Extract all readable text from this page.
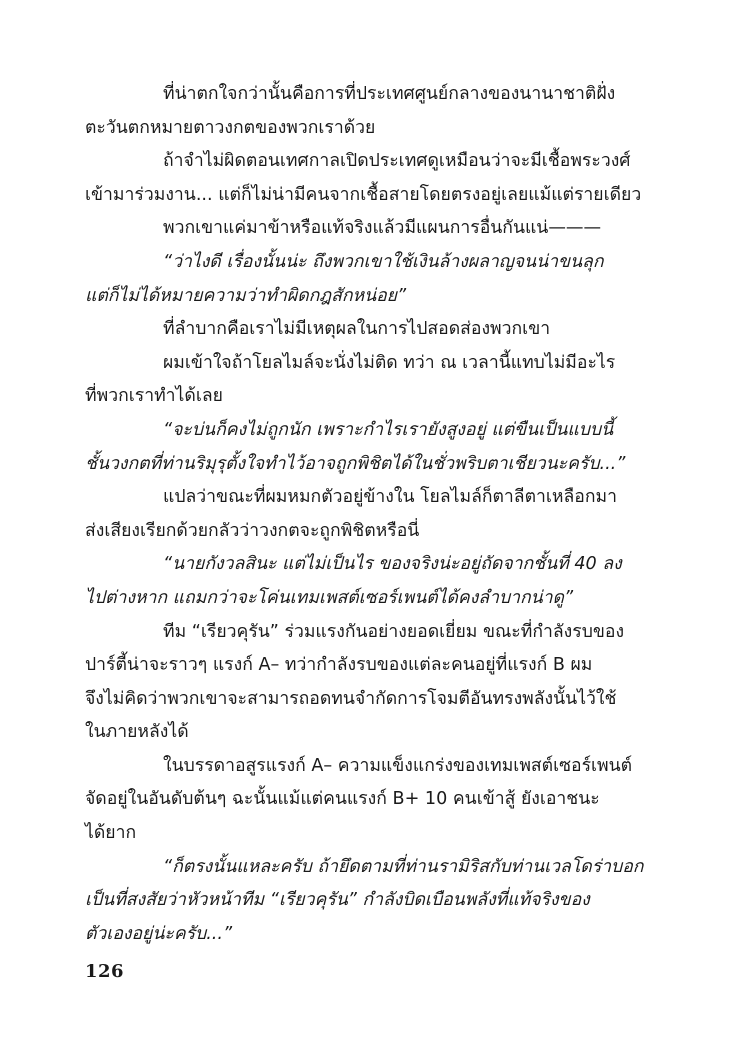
ที่น่าตกใจกว่านั้นคือการที่ประเทศศูนย์กลางของนานาชาติฝั่ง
ตะวันตกหมายตาวงกตของพวกเราด้วย

ถ้าจำไม่ผิดตอนเทศกาลเปิดประเทศดูเหมือนว่าจะมีเชื้อพระวงศ์
เข้ามาร่วมงาน... แต่ก็ไม่น่ามีคนจากเชื้อสายโดยตรงอยู่เลยแม้แต่รายเดียว

พวกเขาแค่มาข้าหรือแท้จริงแล้วมีแผนการอื่นกันแน่———

“ว่าไงดี เรื่องนั้นน่ะ ถึงพวกเขาใช้เงินล้างผลาญจนน่าขนลุก
แต่ก็ไม่ได้หมายความว่าทำผิดกฎสักหน่อย”

ที่ลำบากคือเราไม่มีเหตุผลในการไปสอดส่องพวกเขา

ผมเข้าใจถ้าโยลไมล์จะนั่งไม่ติด ทว่า ณ เวลานี้แทบไม่มีอะไร
ที่พวกเราทำได้เลย

“จะบ่นก็คงไม่ถูกนัก เพราะกำไรเรายังสูงอยู่ แต่ขืนเป็นแบบนี้
ชั้นวงกตที่ท่านริมุรุตั้งใจทำไว้อาจถูกพิชิตได้ในชั่วพริบตาเชียวนะครับ...”

แปลว่าขณะที่ผมหมกตัวอยู่ข้างใน โยลไมล์ก็ตาลีตาเหลือกมา
ส่งเสียงเรียกด้วยกลัวว่าวงกตจะถูกพิชิตหรือนี่

“นายกังวลสินะ แต่ไม่เป็นไร ของจริงน่ะอยู่ถัดจากชั้นที่ 40 ลง
ไปต่างหาก แถมกว่าจะโค่นเทมเพสต์เซอร์เพนต์ได้คงลำบากน่าดู”

ทีม “เรียวคุรัน” ร่วมแรงกันอย่างยอดเยี่ยม ขณะที่กำลังรบของ
ปาร์ตี้น่าจะราวๆ แรงก์ A– ทว่ากำลังรบของแต่ละคนอยู่ที่แรงก์ B ผม
จึงไม่คิดว่าพวกเขาจะสามารถอดทนจำกัดการโจมตีอันทรงพลังนั้นไว้ใช้
ในภายหลังได้

ในบรรดาอสูรแรงก์ A– ความแข็งแกร่งของเทมเพสต์เซอร์เพนต์
จัดอยู่ในอันดับต้นๆ ฉะนั้นแม้แต่คนแรงก์ B+ 10 คนเข้าสู้ ยังเอาชนะ
ได้ยาก

“ก็ตรงนั้นแหละครับ ถ้ายึดตามที่ท่านรามิริสกับท่านเวลโดร่าบอก
เป็นที่สงสัยว่าหัวหน้าทีม “เรียวคุรัน” กำลังบิดเบือนพลังที่แท้จริงของ
ตัวเองอยู่น่ะครับ...”

126
